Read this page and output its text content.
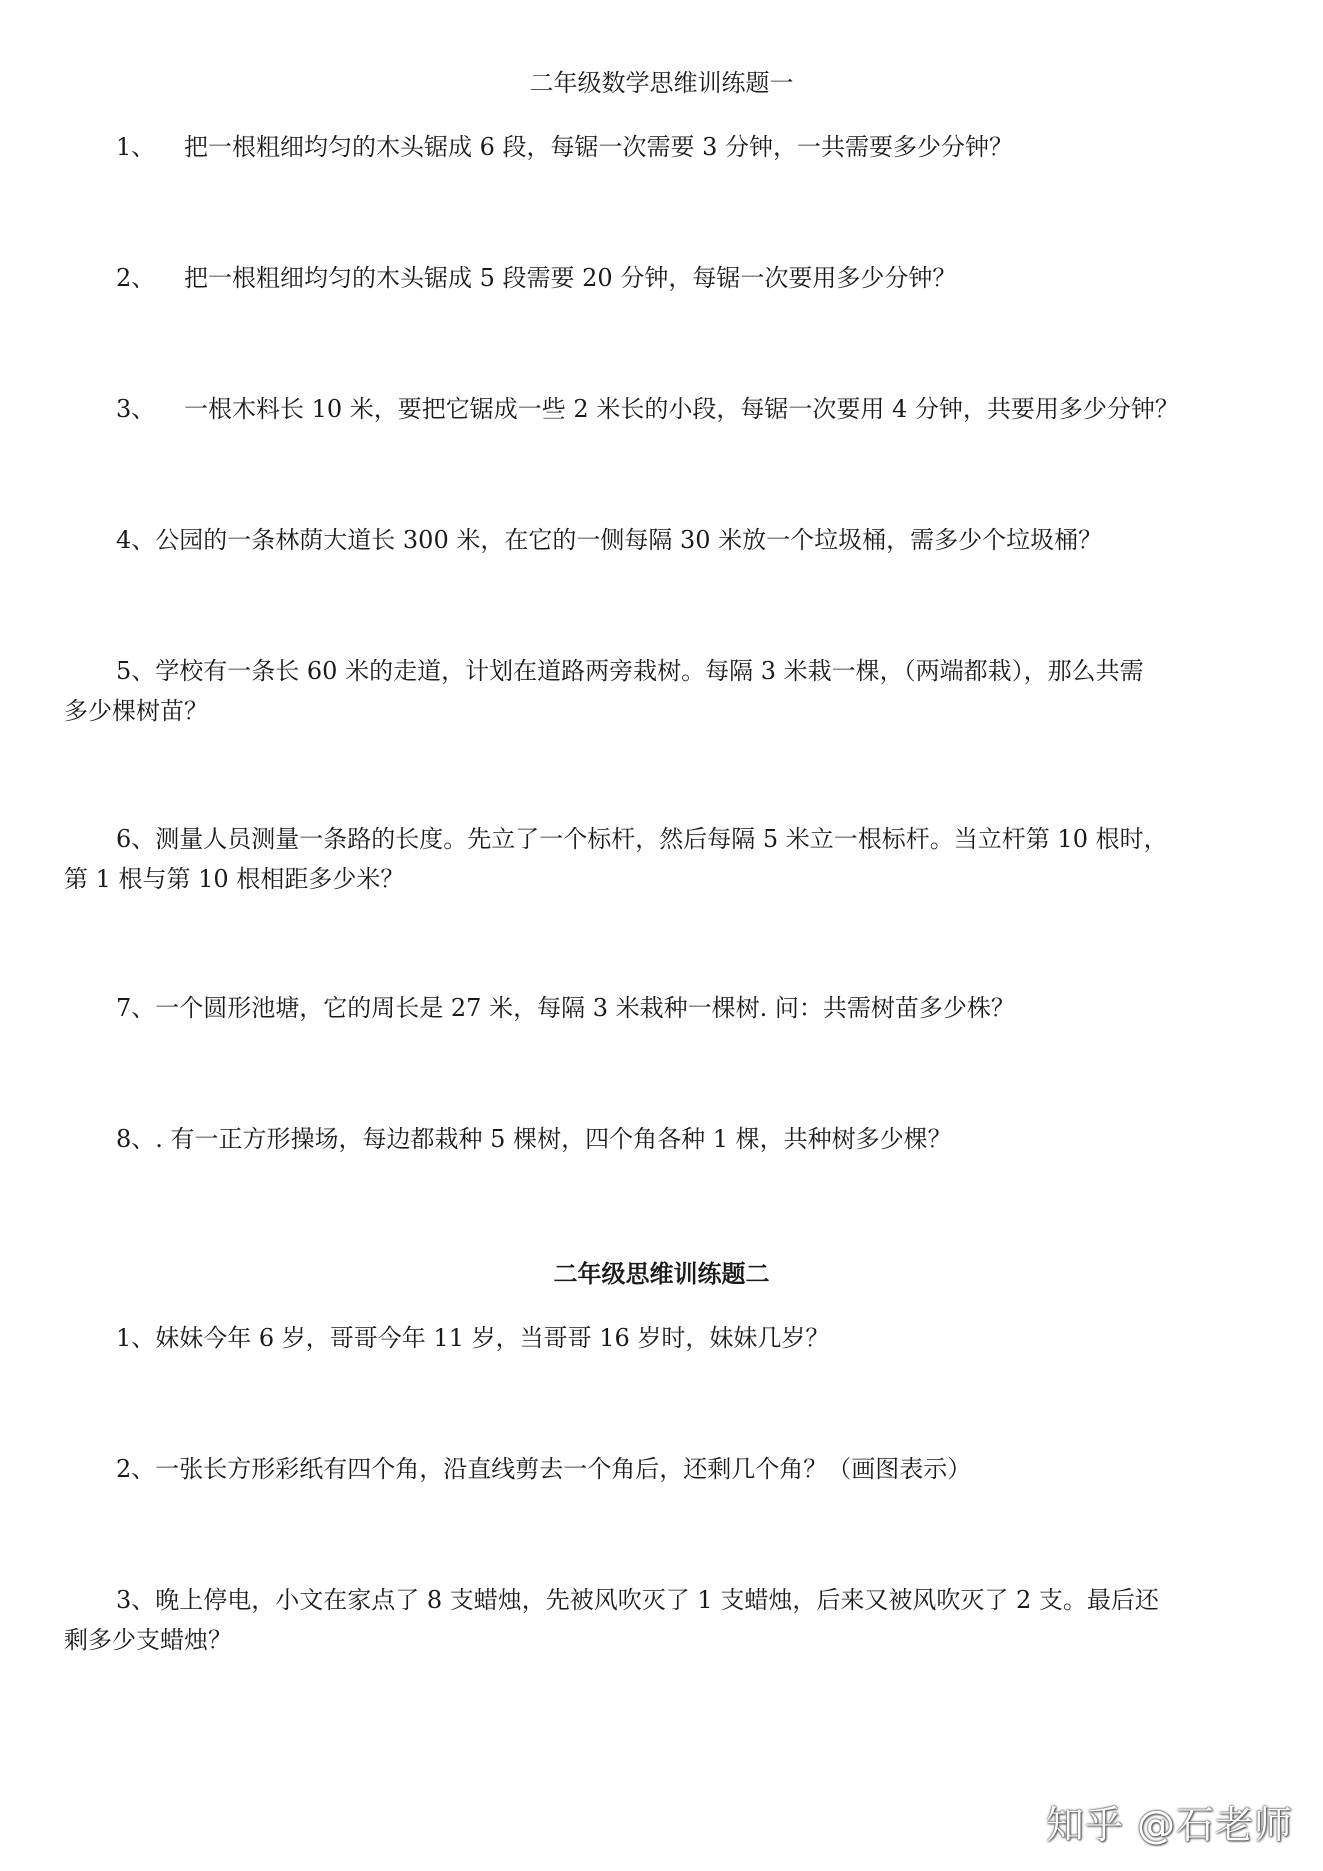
二年级数学思维训练题一
1、 把一根粗细均匀的木头锯成 6 段，每锯一次需要 3 分钟，一共需要多少分钟？
2、 把一根粗细均匀的木头锯成 5 段需要 20 分钟，每锯一次要用多少分钟？
3、 一根木料长 10 米，要把它锯成一些 2 米长的小段，每锯一次要用 4 分钟，共要用多少分钟？
4、公园的一条林荫大道长 300 米，在它的一侧每隔 30 米放一个垃圾桶，需多少个垃圾桶？
5、学校有一条长 60 米的走道，计划在道路两旁栽树。每隔 3 米栽一棵，（两端都栽），那么共需
多少棵树苗？
6、测量人员测量一条路的长度。先立了一个标杆，然后每隔 5 米立一根标杆。当立杆第 10 根时，
第 1 根与第 10 根相距多少米？
7、一个圆形池塘，它的周长是 27 米，每隔 3 米栽种一棵树. 问：共需树苗多少株？
8、. 有一正方形操场，每边都栽种 5 棵树，四个角各种 1 棵，共种树多少棵？
二年级思维训练题二
1、妹妹今年 6 岁，哥哥今年 11 岁，当哥哥 16 岁时，妹妹几岁？
2、一张长方形彩纸有四个角，沿直线剪去一个角后，还剩几个角？（画图表示）
3、晚上停电，小文在家点了 8 支蜡烛，先被风吹灭了 1 支蜡烛，后来又被风吹灭了 2 支。最后还
剩多少支蜡烛？
知乎 @石老师
